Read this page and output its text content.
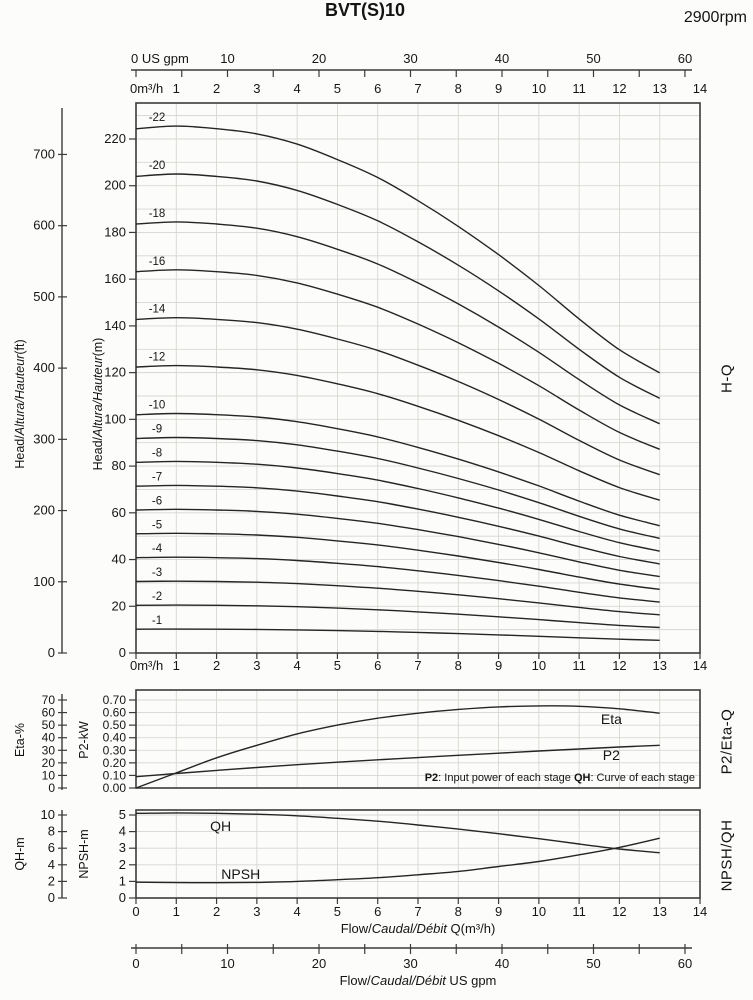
BVT(S)10	2900rpm
0 US gpm 10	20	30	40	50	60
0m³/h 1	2	3	4	5	6	7	8	9 10 11 12 13 14
0
20
40
60
80
100
120
140
160
180
200
220
0
100
200
300
400
500
600
700
0m³/h 1	2	3	4	5	6	7	8	9 10 11 12 13 14
-1
-2
-3
-4
-5
-6
-7
-8
-9
-10
-12
-14
-16
-18
-20
-22
0.00
0.10
0.20
0.30
0.40
0.50
0.60
0.70
0
10
20
30
40
50
60
70
Eta
P2
0
1
2
3
4
5
0
2
4
6
8
10
0	1	2	3	4	5	6	7	8	9 10 11 12 13 14
QH
NPSH
0	10	20	30	40	50	60
Head/Altura/Hauteur(ft)
Head/Altura/Hauteur(m)
Eta-%	P2-kW
QH-m	NPSH-m
H-Q
P2/Eta-Q
NPSH/QH
P2: Input power of each stage QH: Curve of each stage
Flow/Caudal/Débit Q(m³/h)
Flow/Caudal/Débit US gpm
